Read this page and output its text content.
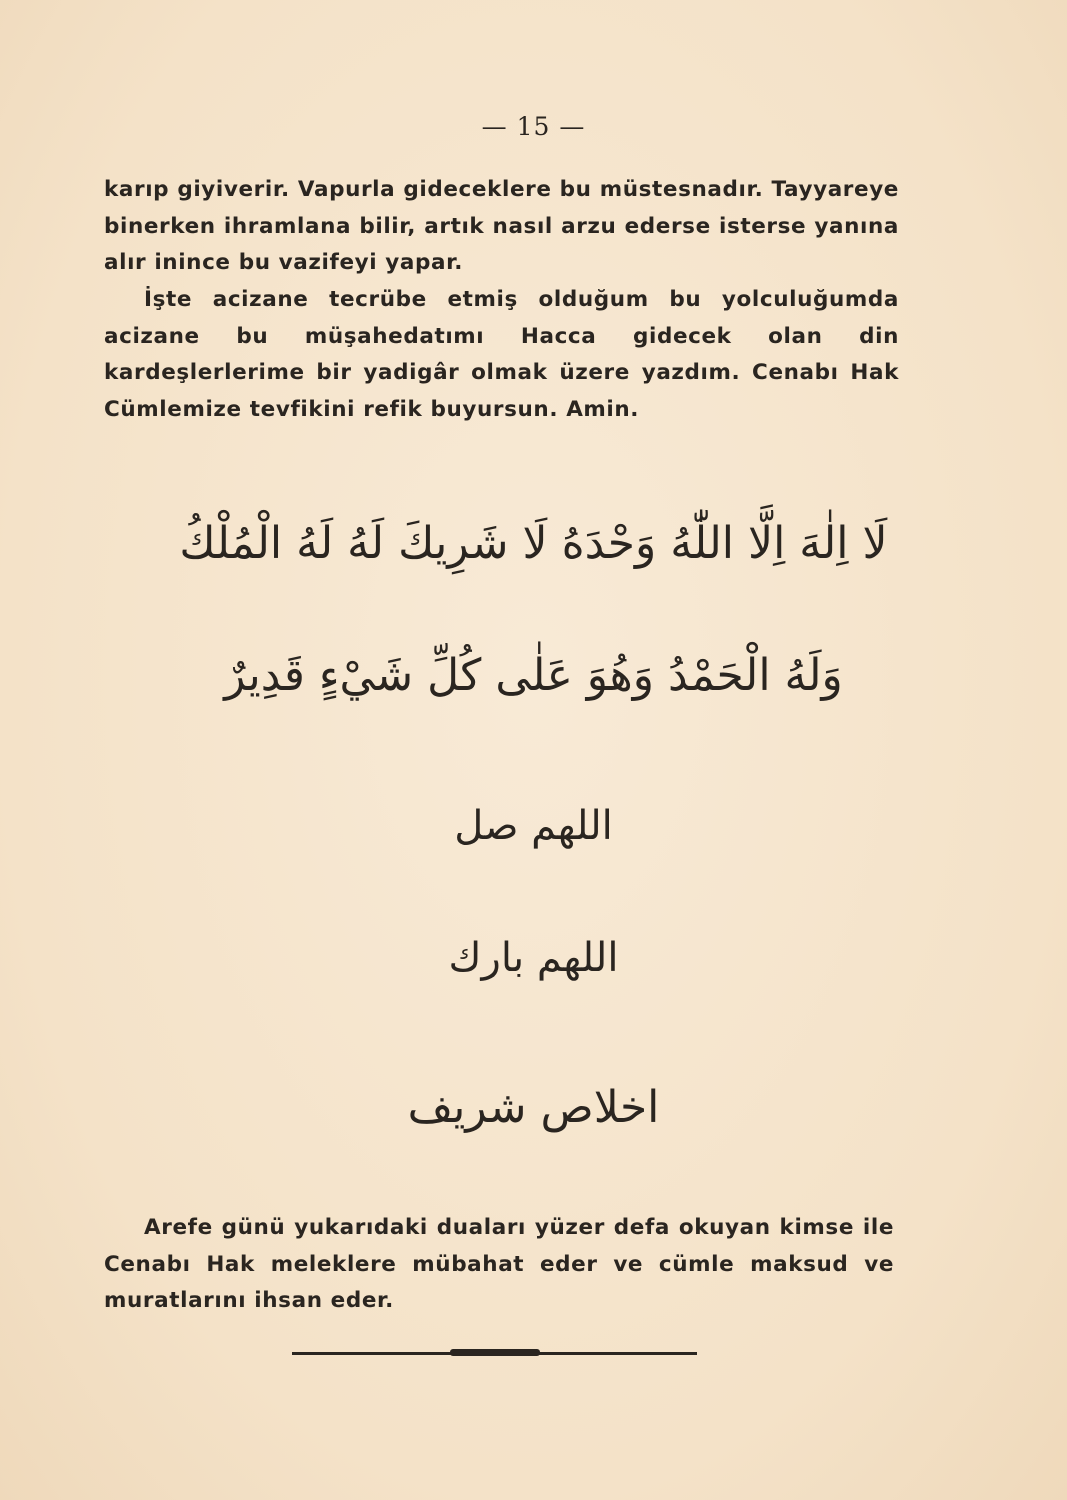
— 15 —

karıp giyiverir. Vapurla gideceklere bu müstesnadır. Tayyareye binerken ihramlana bilir, artık nasıl arzu ederse isterse yanına alır inince bu vazifeyi yapar.

İşte acizane tecrübe etmiş olduğum bu yolculuğumda acizane bu müşahedatımı Hacca gidecek olan din kardeşlerlerime bir yadigâr olmak üzere yazdım. Cenabı Hak Cümlemize tevfikini refik buyursun. Amin.

لَا اِلٰهَ اِلَّا اللّٰهُ وَحْدَهُ لَا شَرِيكَ لَهُ لَهُ الْمُلْكُ
وَلَهُ الْحَمْدُ وَهُوَ عَلٰى كُلِّ شَيْءٍ قَدِيرٌ
اللهم صل
اللهم بارك
اخلاص شريف

Arefe günü yukarıdaki duaları yüzer defa okuyan kimse ile Cenabı Hak meleklere mübahat eder ve cümle maksud ve muratlarını ihsan eder.
